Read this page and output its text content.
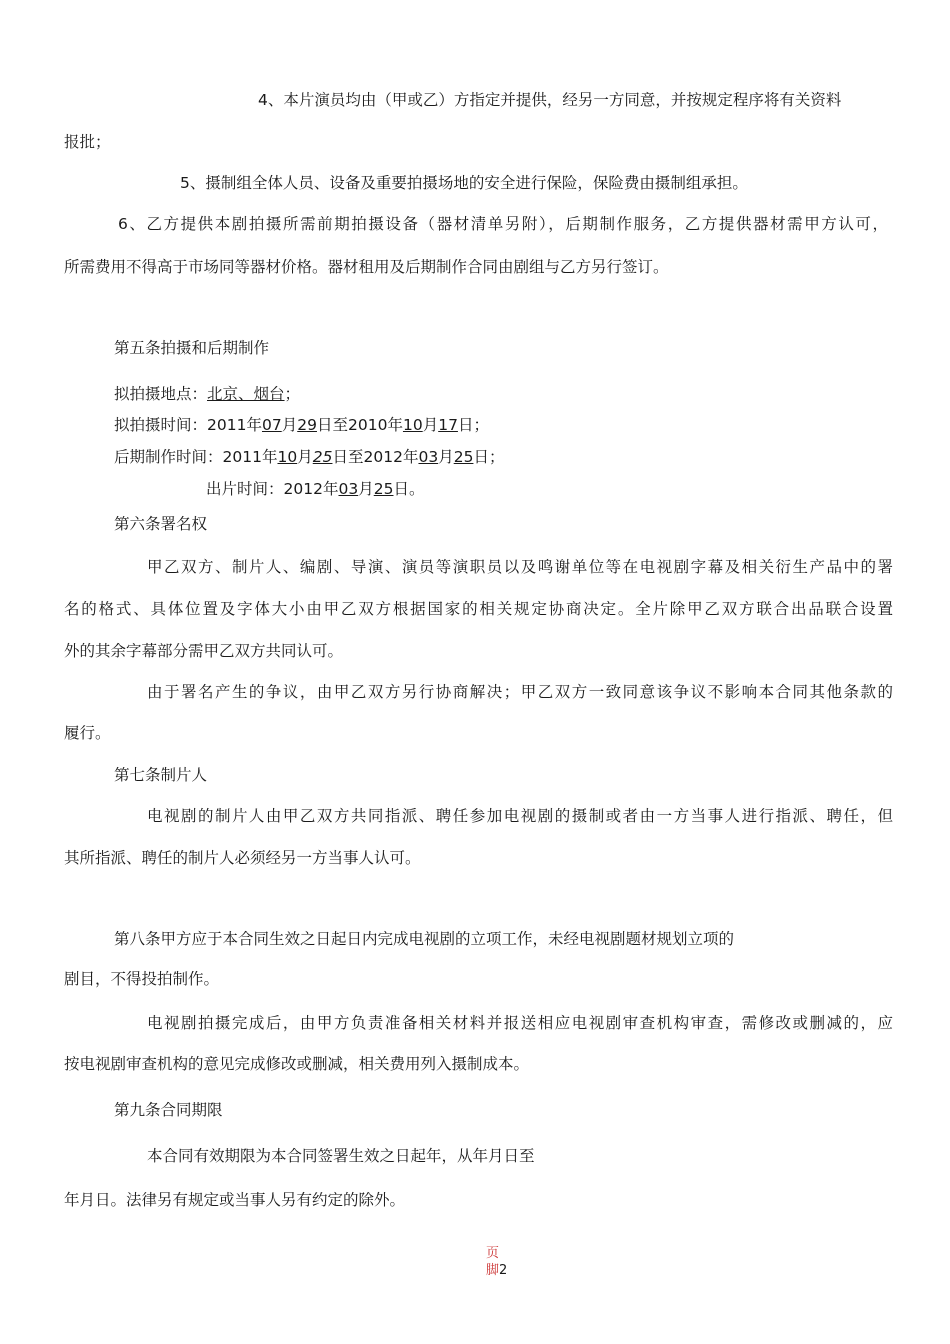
4、本片演员均由（甲或乙）方指定并提供，经另一方同意，并按规定程序将有关资料
报批；
5、摄制组全体人员、设备及重要拍摄场地的安全进行保险，保险费由摄制组承担。
6、乙方提供本剧拍摄所需前期拍摄设备（器材清单另附），后期制作服务，乙方提供器材需甲方认可，
所需费用不得高于市场同等器材价格。器材租用及后期制作合同由剧组与乙方另行签订。
第五条拍摄和后期制作
拟拍摄地点：北京、烟台；
拟拍摄时间：2011年07月29日至2010年10月17日；
后期制作时间：2011年10月25日至2012年03月25日；
出片时间：2012年03月25日。
第六条署名权
甲乙双方、制片人、编剧、导演、演员等演职员以及鸣谢单位等在电视剧字幕及相关衍生产品中的署
名的格式、具体位置及字体大小由甲乙双方根据国家的相关规定协商决定。全片除甲乙双方联合出品联合设置
外的其余字幕部分需甲乙双方共同认可。
由于署名产生的争议，由甲乙双方另行协商解决；甲乙双方一致同意该争议不影响本合同其他条款的
履行。
第七条制片人
电视剧的制片人由甲乙双方共同指派、聘任参加电视剧的摄制或者由一方当事人进行指派、聘任，但
其所指派、聘任的制片人必须经另一方当事人认可。
第八条甲方应于本合同生效之日起日内完成电视剧的立项工作，未经电视剧题材规划立项的
剧目，不得投拍制作。
电视剧拍摄完成后，由甲方负责准备相关材料并报送相应电视剧审查机构审查，需修改或删减的，应
按电视剧审查机构的意见完成修改或删减，相关费用列入摄制成本。
第九条合同期限
本合同有效期限为本合同签署生效之日起年，从年月日至
年月日。法律另有规定或当事人另有约定的除外。
页
脚2
